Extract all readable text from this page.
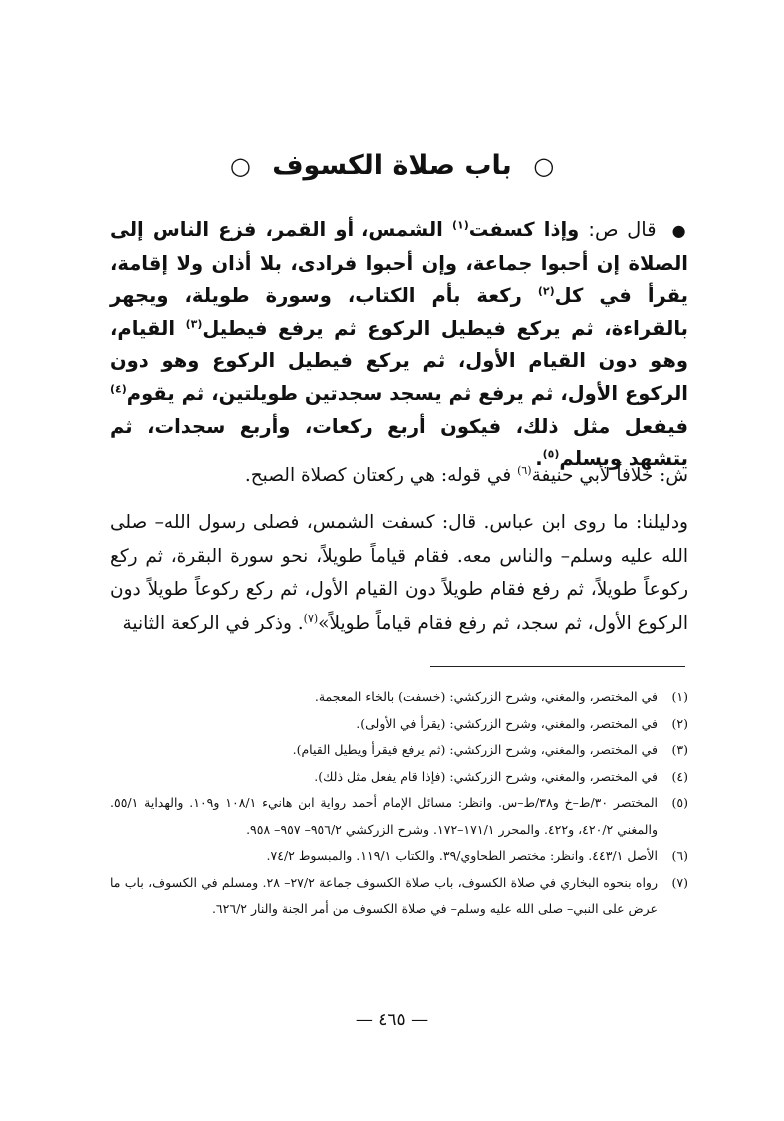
○ باب صلاة الكسوف ○
● قال ص: وإذا كسفت$^{(١)}$ الشمس، أو القمر، فزع الناس إلى الصلاة إن أحبوا جماعة، وإن أحبوا فرادى، بلا أذان ولا إقامة، يقرأ في كل$^{(٢)}$ ركعة بأم الكتاب، وسورة طويلة، ويجهر بالقراءة، ثم يركع فيطيل الركوع ثم يرفع فيطيل$^{(٣)}$ القيام، وهو دون القيام الأول، ثم يركع فيطيل الركوع وهو دون الركوع الأول، ثم يرفع ثم يسجد سجدتين طويلتين، ثم يقوم$^{(٤)}$ فيفعل مثل ذلك، فيكون أربع ركعات، وأربع سجدات، ثم يتشهد ويسلم$^{(٥)}$.
ش: خلافاً لأبي حنيفة$^{(٦)}$ في قوله: هي ركعتان كصلاة الصبح.
ودليلنا: ما روى ابن عباس. قال: كسفت الشمس، فصلى رسول الله– صلى الله عليه وسلم– والناس معه. فقام قياماً طويلاً، نحو سورة البقرة، ثم ركع ركوعاً طويلاً، ثم رفع فقام طويلاً دون القيام الأول، ثم ركع ركوعاً طويلاً دون الركوع الأول، ثم سجد، ثم رفع فقام قياماً طويلاً»$^{(٧)}$. وذكر في الركعة الثانية
(١)
في المختصر، والمغني، وشرح الزركشي: (خسفت) بالخاء المعجمة.
(٢)
في المختصر، والمغني، وشرح الزركشي: (يقرأ في الأولى).
(٣)
في المختصر، والمغني، وشرح الزركشي: (ثم يرفع فيقرأ ويطيل القيام).
(٤)
في المختصر، والمغني، وشرح الزركشي: (فإذا قام يفعل مثل ذلك).
(٥)
المختصر ٣٠/ط–خ و٣٨/ط–س. وانظر: مسائل الإمام أحمد رواية ابن هانيء ١٠٨/١ و١٠٩. والهداية ٥٥/١. والمغني ٤٢٠/٢، و٤٢٢. والمحرر ١٧١/١–١٧٢. وشرح الزركشي ٩٥٦/٢– ٩٥٧– ٩٥٨.
(٦)
الأصل ٤٤٣/١. وانظر: مختصر الطحاوي/٣٩. والكتاب ١١٩/١. والمبسوط ٧٤/٢.
(٧)
رواه بنحوه البخاري في صلاة الكسوف، باب صلاة الكسوف جماعة ٢٧/٢– ٢٨. ومسلم في الكسوف، باب ما عرض على النبي– صلى الله عليه وسلم– في صلاة الكسوف من أمر الجنة والنار ٦٢٦/٢.
— ٤٦٥ —
